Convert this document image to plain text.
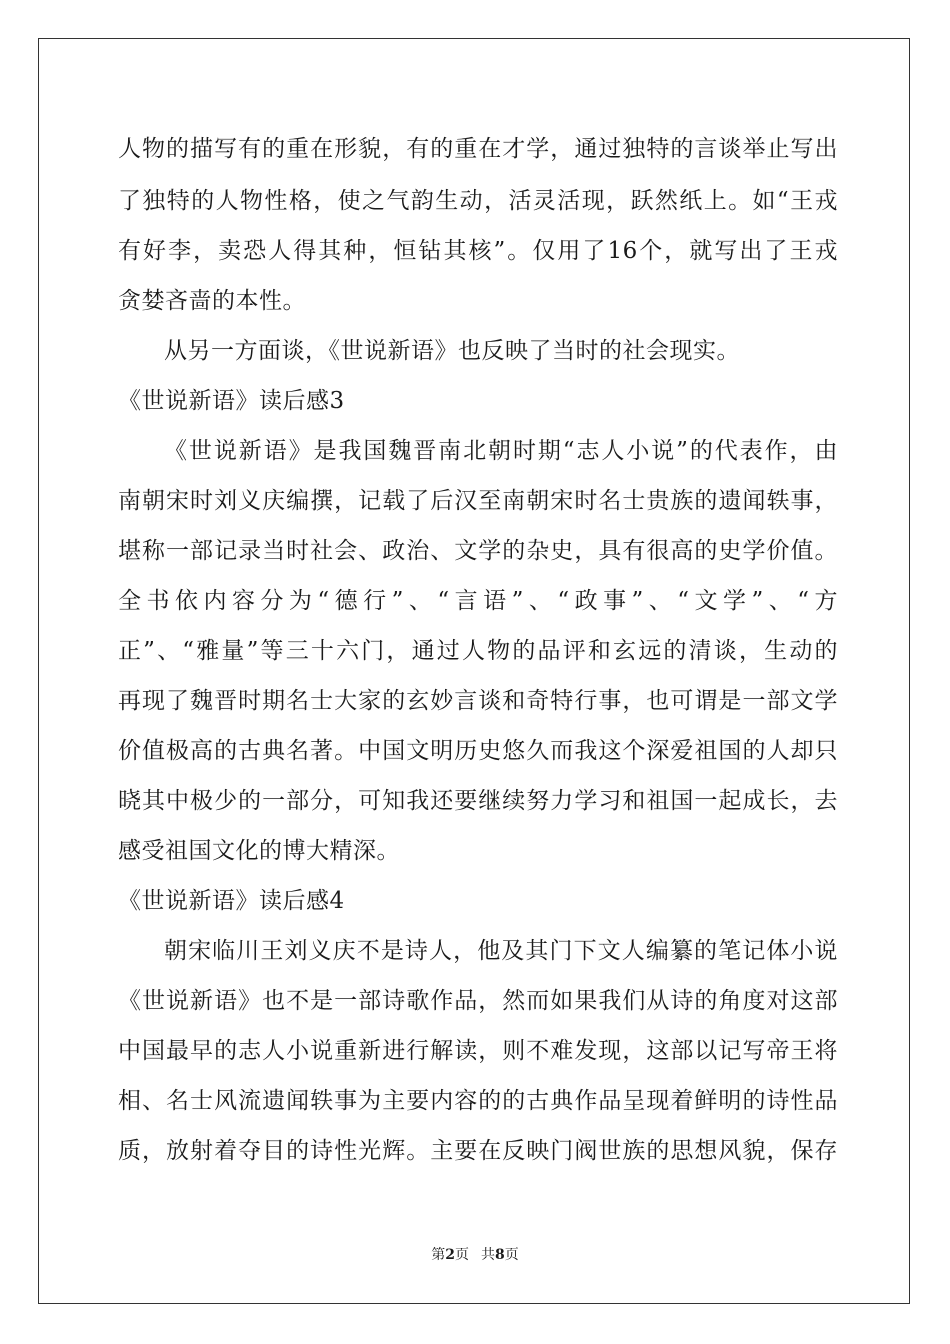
人物的描写有的重在形貌，有的重在才学，通过独特的言谈举止写出
了独特的人物性格，使之气韵生动，活灵活现，跃然纸上。如“王戎
有好李，卖恐人得其种，恒钻其核”。仅用了16个，就写出了王戎
贪婪吝啬的本性。
从另一方面谈，《世说新语》也反映了当时的社会现实。
《世说新语》读后感3
《世说新语》是我国魏晋南北朝时期“志人小说”的代表作，由
南朝宋时刘义庆编撰，记载了后汉至南朝宋时名士贵族的遗闻轶事，
堪称一部记录当时社会、政治、文学的杂史，具有很高的史学价值。
全书依内容分为“德行”、“言语”、“政事”、“文学”、“方
正”、“雅量”等三十六门，通过人物的品评和玄远的清谈，生动的
再现了魏晋时期名士大家的玄妙言谈和奇特行事，也可谓是一部文学
价值极高的古典名著。中国文明历史悠久而我这个深爱祖国的人却只
晓其中极少的一部分，可知我还要继续努力学习和祖国一起成长，去
感受祖国文化的博大精深。
《世说新语》读后感4
朝宋临川王刘义庆不是诗人，他及其门下文人编纂的笔记体小说
《世说新语》也不是一部诗歌作品，然而如果我们从诗的角度对这部
中国最早的志人小说重新进行解读，则不难发现，这部以记写帝王将
相、名士风流遗闻轶事为主要内容的的古典作品呈现着鲜明的诗性品
质，放射着夺目的诗性光辉。主要在反映门阀世族的思想风貌，保存
第2页 共8页
